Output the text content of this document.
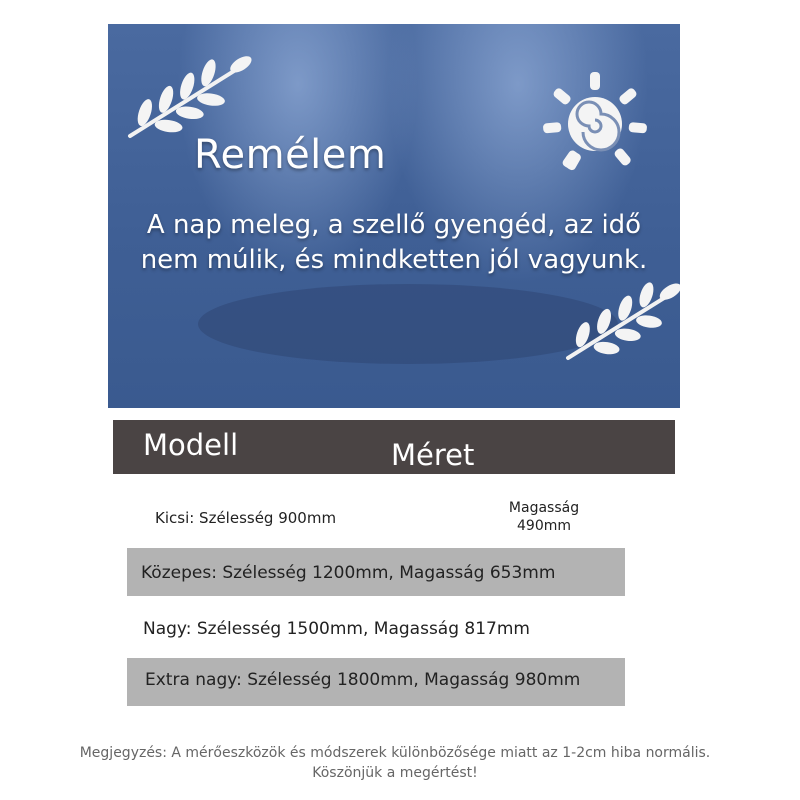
Remélem
A nap meleg, a szellő gyengéd, az idő nem múlik, és mindketten jól vagyunk.
Modell	Méret
Kicsi: Szélesség 900mm
Magasság
490mm
Közepes: Szélesség 1200mm, Magasság 653mm
Nagy: Szélesség 1500mm, Magasság 817mm
Extra nagy: Szélesség 1800mm, Magasság 980mm
Megjegyzés: A mérőeszközök és módszerek különbözősége miatt az 1-2cm hiba normális.
Köszönjük a megértést!
